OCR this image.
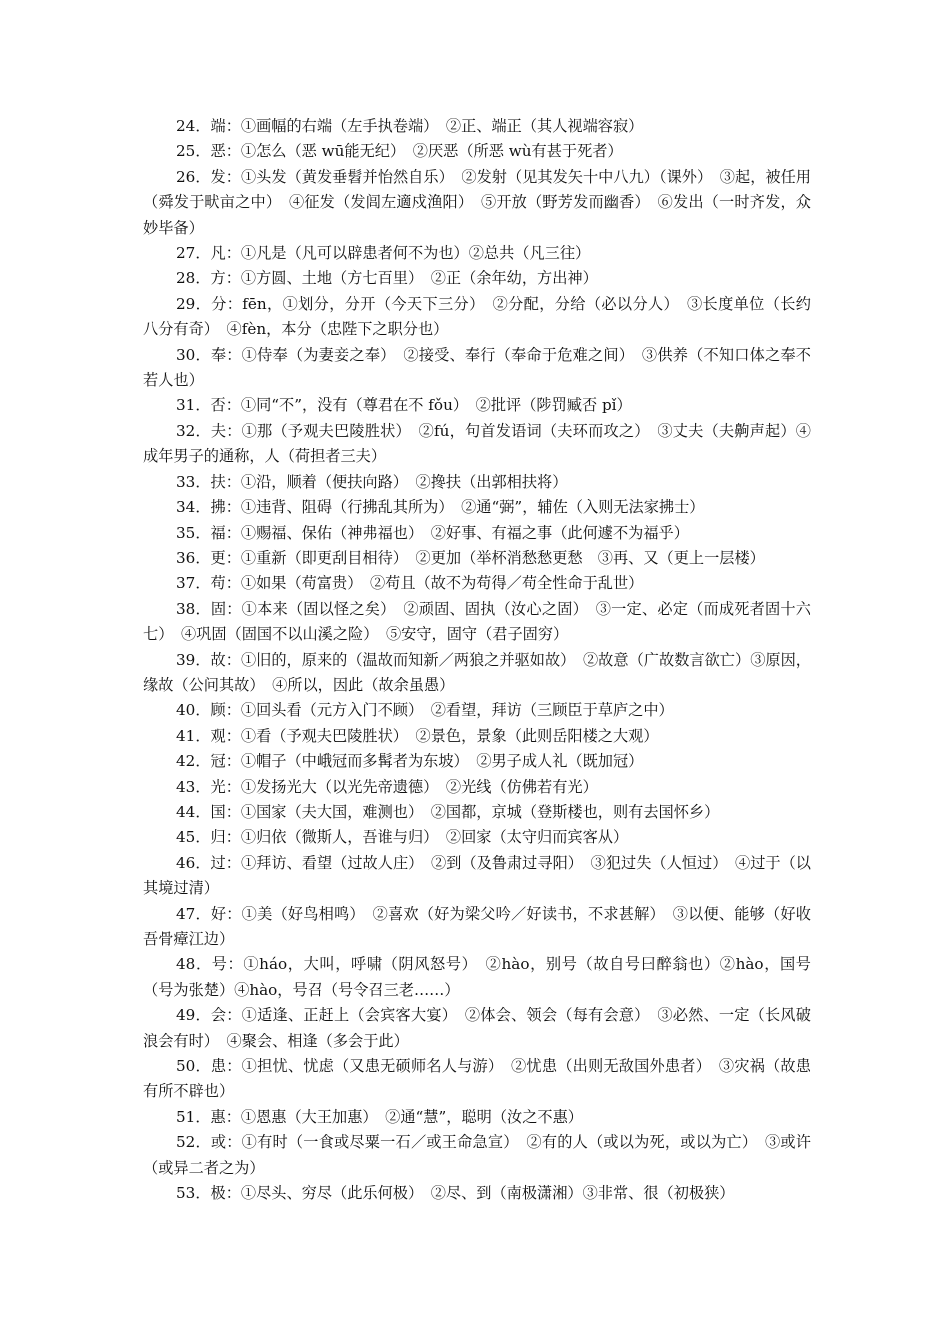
24．端：①画幅的右端（左手执卷端）　②正、端正（其人视端容寂）

25．恶：①怎么（恶 wū能无纪）　②厌恶（所恶 wù有甚于死者）

26．发：①头发（黄发垂髫并怡然自乐）　②发射（见其发矢十中八九）（课外）　③起，被任用（舜发于畎亩之中）　④征发（发闾左適戍渔阳）　⑤开放（野芳发而幽香）　⑥发出（一时齐发，众妙毕备）

27．凡：①凡是（凡可以辟患者何不为也）②总共（凡三往）

28．方：①方圆、土地（方七百里）　②正（余年幼，方出神）

29．分：fēn，①划分，分开（今天下三分）　②分配，分给（必以分人）　③长度单位（长约八分有奇）　④fèn，本分（忠陛下之职分也）

30．奉：①侍奉（为妻妾之奉）　②接受、奉行（奉命于危难之间）　③供养（不知口体之奉不若人也）

31．否：①同“不”，没有（尊君在不 fǒu）　②批评（陟罚臧否 pǐ）

32．夫：①那（予观夫巴陵胜状）　②fú，句首发语词（夫环而攻之）　③丈夫（夫齁声起）④成年男子的通称，人（荷担者三夫）

33．扶：①沿，顺着（便扶向路）　②搀扶（出郭相扶将）

34．拂：①违背、阻碍（行拂乱其所为）　②通“弼”，辅佐（入则无法家拂士）

35．福：①赐福、保佑（神弗福也）　②好事、有福之事（此何遽不为福乎）

36．更：①重新（即更刮目相待）　②更加（举杯消愁愁更愁　③再、又（更上一层楼）

37．苟：①如果（苟富贵）　②苟且（故不为苟得／苟全性命于乱世）

38．固：①本来（固以怪之矣）　②顽固、固执（汝心之固）　③一定、必定（而成死者固十六七）　④巩固（固国不以山溪之险）　⑤安守，固守（君子固穷）

39．故：①旧的，原来的（温故而知新／两狼之并驱如故）　②故意（广故数言欲亡）③原因，缘故（公问其故）　④所以，因此（故余虽愚）

40．顾：①回头看（元方入门不顾）　②看望，拜访（三顾臣于草庐之中）

41．观：①看（予观夫巴陵胜状）　②景色，景象（此则岳阳楼之大观）

42．冠：①帽子（中峨冠而多髯者为东坡）　②男子成人礼（既加冠）

43．光：①发扬光大（以光先帝遗德）　②光线（仿佛若有光）

44．国：①国家（夫大国，难测也）　②国都，京城（登斯楼也，则有去国怀乡）

45．归：①归依（微斯人，吾谁与归）　②回家（太守归而宾客从）

46．过：①拜访、看望（过故人庄）　②到（及鲁肃过寻阳）　③犯过失（人恒过）　④过于（以其境过清）

47．好：①美（好鸟相鸣）　②喜欢（好为梁父吟／好读书，不求甚解）　③以便、能够（好收吾骨瘴江边）

48．号：①háo，大叫，呼啸（阴风怒号）　②hào，别号（故自号曰醉翁也）②hào，国号（号为张楚）④hào，号召（号令召三老……）

49．会：①适逢、正赶上（会宾客大宴）　②体会、领会（每有会意）　③必然、一定（长风破浪会有时）　④聚会、相逢（多会于此）

50．患：①担忧、忧虑（又患无硕师名人与游）　②忧患（出则无敌国外患者）　③灾祸（故患有所不辟也）

51．惠：①恩惠（大王加惠）　②通“慧”，聪明（汝之不惠）

52．或：①有时（一食或尽粟一石／或王命急宣）　②有的人（或以为死，或以为亡）　③或许（或异二者之为）

53．极：①尽头、穷尽（此乐何极）　②尽、到（南极潇湘）③非常、很（初极狭）
